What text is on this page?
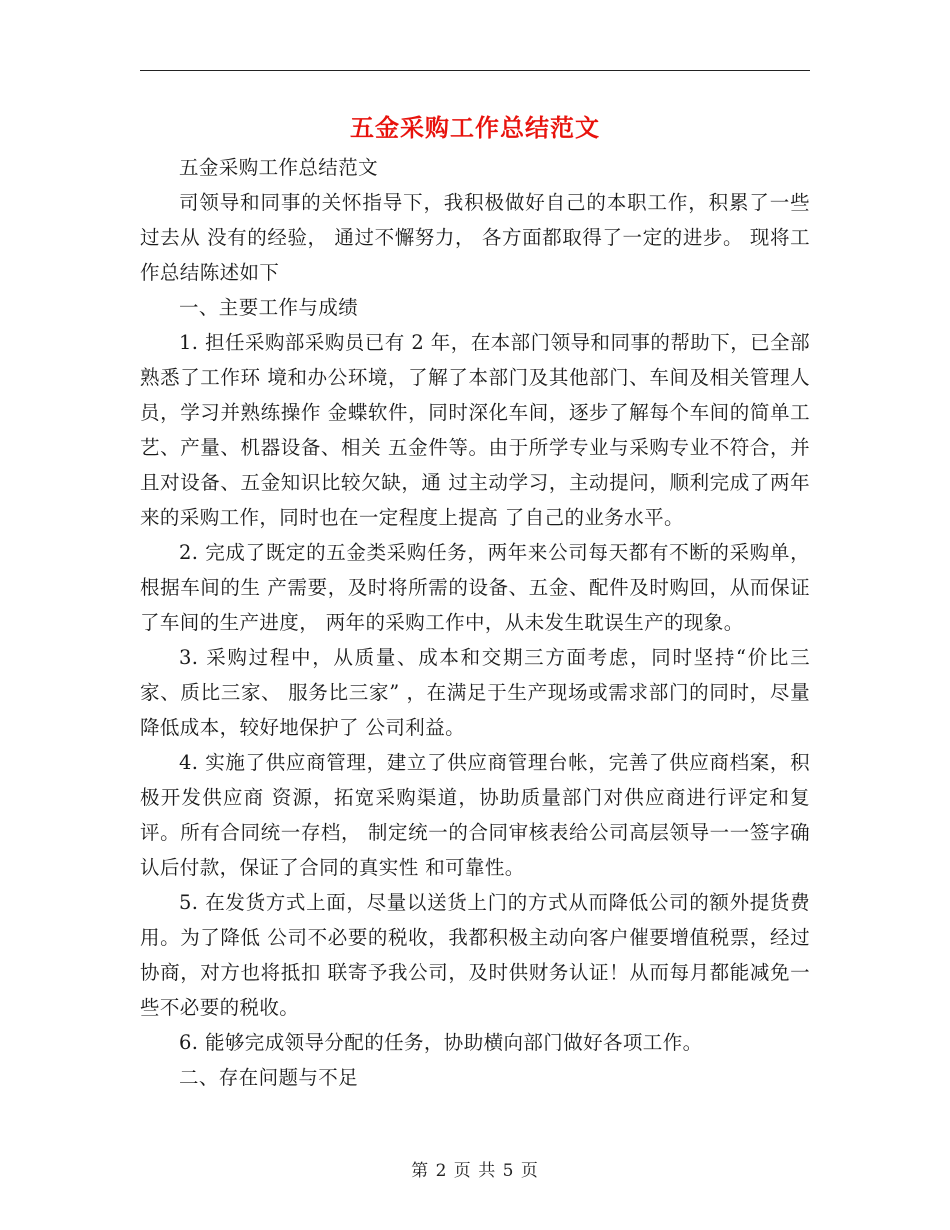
五金采购工作总结范文

五金采购工作总结范文

司领导和同事的关怀指导下，我积极做好自己的本职工作，积累了一些过去从 没有的经验， 通过不懈努力， 各方面都取得了一定的进步。 现将工作总结陈述如下

一、主要工作与成绩

1. 担任采购部采购员已有 2 年，在本部门领导和同事的帮助下，已全部熟悉了工作环 境和办公环境，了解了本部门及其他部门、车间及相关管理人员，学习并熟练操作 金蝶软件，同时深化车间，逐步了解每个车间的简单工艺、产量、机器设备、相关 五金件等。由于所学专业与采购专业不符合，并且对设备、五金知识比较欠缺，通 过主动学习，主动提问，顺利完成了两年来的采购工作，同时也在一定程度上提高 了自己的业务水平。

2. 完成了既定的五金类采购任务，两年来公司每天都有不断的采购单，根据车间的生 产需要，及时将所需的设备、五金、配件及时购回，从而保证了车间的生产进度， 两年的采购工作中，从未发生耽误生产的现象。

3. 采购过程中，从质量、成本和交期三方面考虑，同时坚持“价比三家、质比三家、 服务比三家” ，在满足于生产现场或需求部门的同时，尽量降低成本，较好地保护了 公司利益。

4. 实施了供应商管理，建立了供应商管理台帐，完善了供应商档案，积极开发供应商 资源，拓宽采购渠道，协助质量部门对供应商进行评定和复评。所有合同统一存档， 制定统一的合同审核表给公司高层领导一一签字确认后付款，保证了合同的真实性 和可靠性。

5. 在发货方式上面，尽量以送货上门的方式从而降低公司的额外提货费用。为了降低 公司不必要的税收，我都积极主动向客户催要增值税票，经过协商，对方也将抵扣 联寄予我公司，及时供财务认证！从而每月都能减免一些不必要的税收。

6. 能够完成领导分配的任务，协助横向部门做好各项工作。

二、存在问题与不足

第 2 页 共 5 页
